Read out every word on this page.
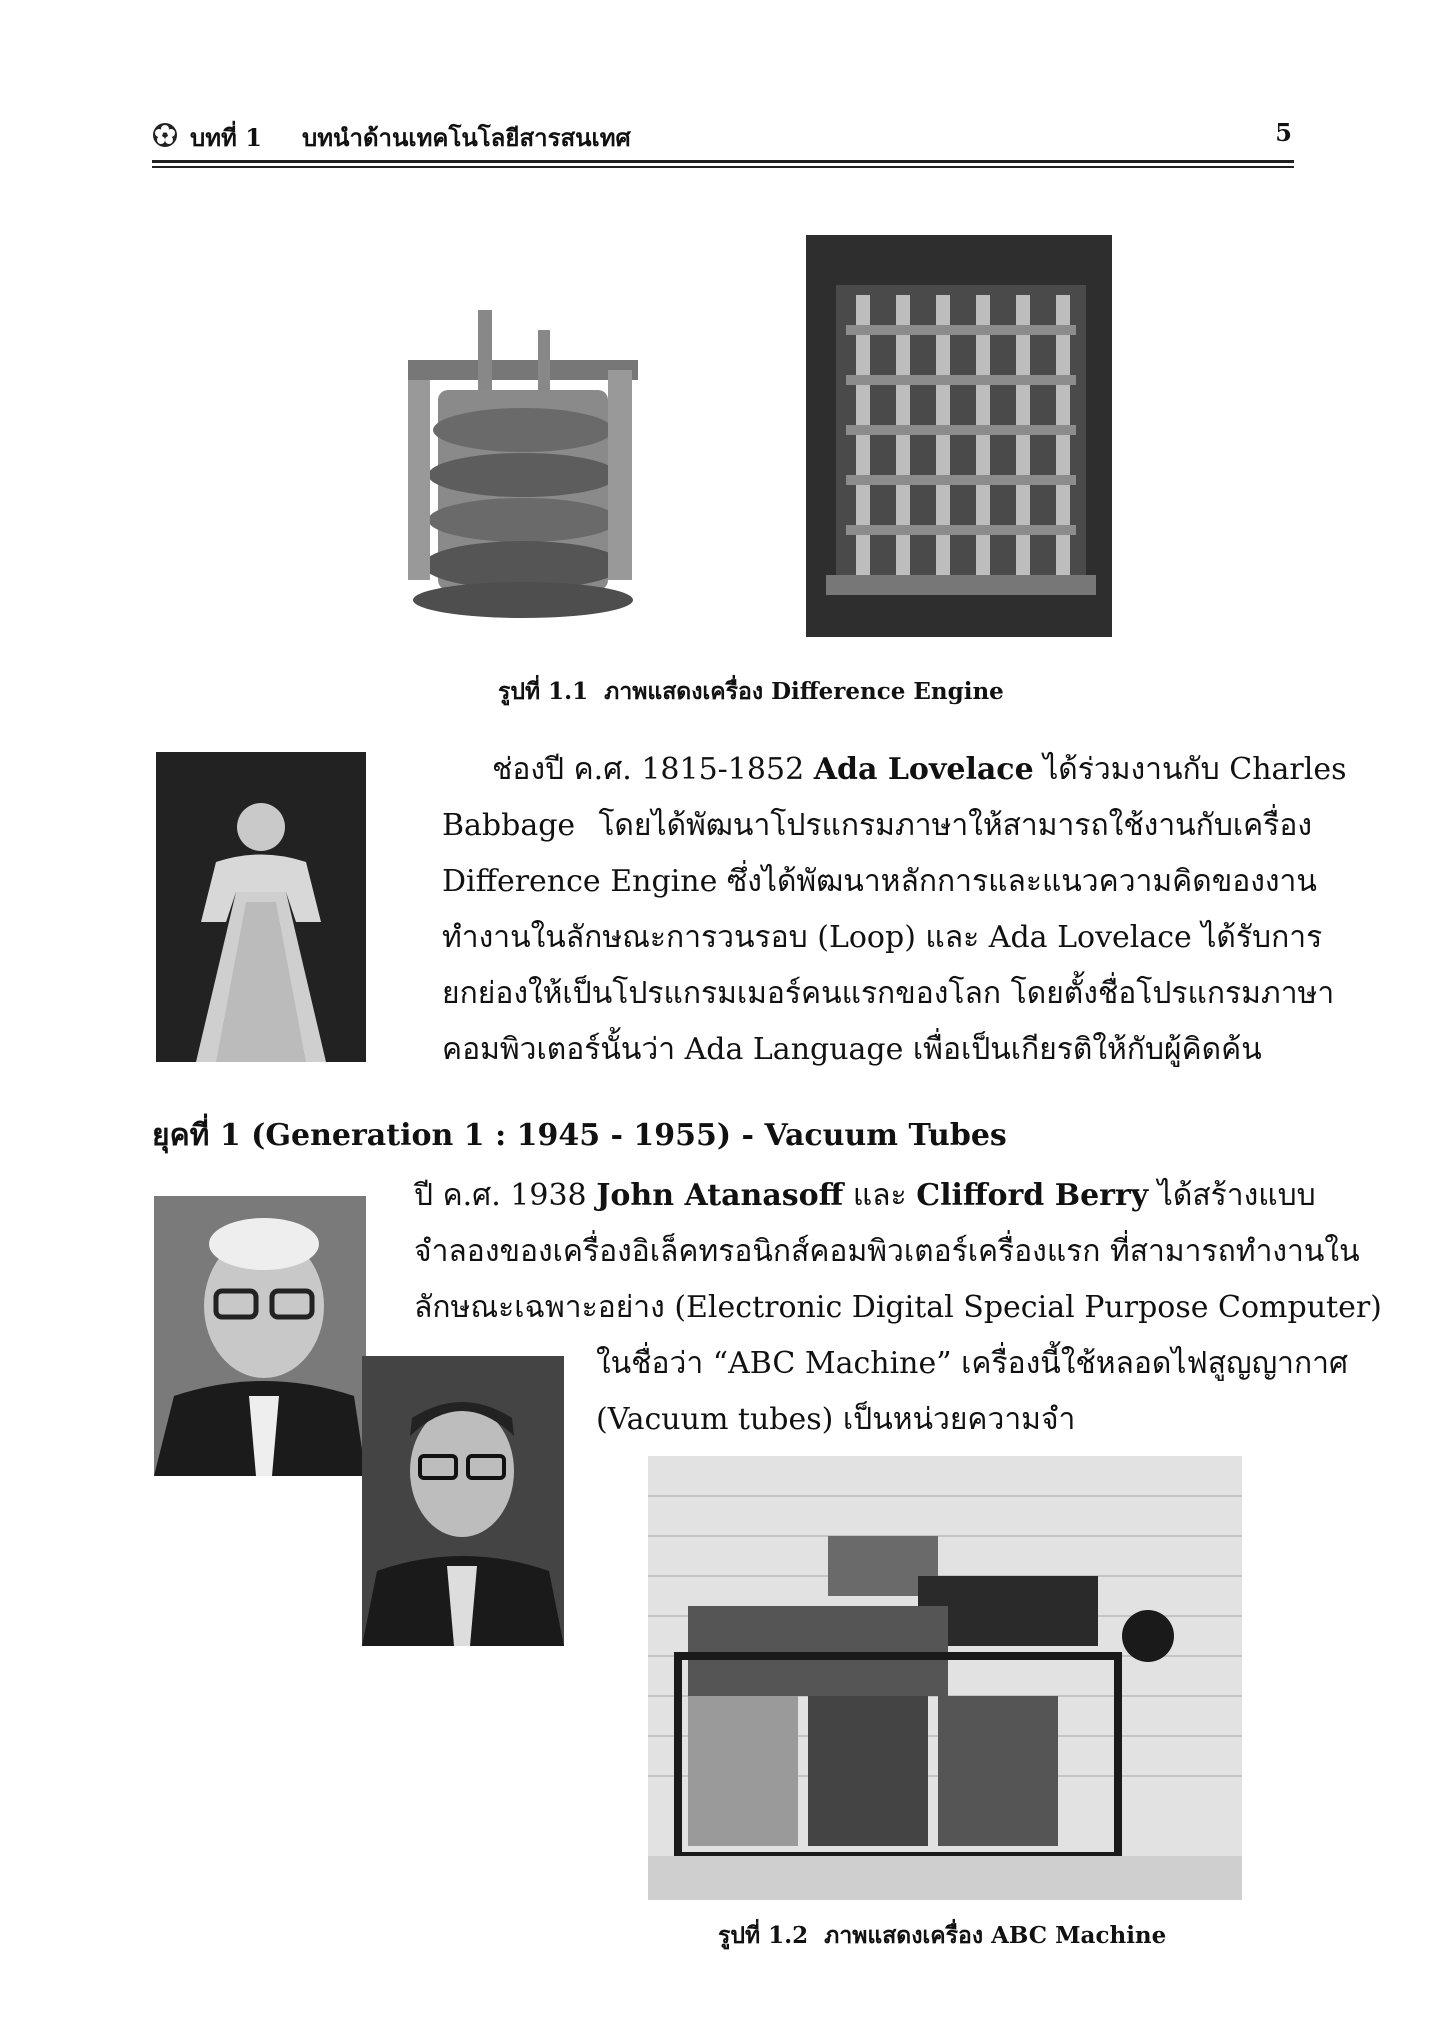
บทที่ 1 บทนำด้านเทคโนโลยีสารสนเทศ	5
รูปที่ 1.1 ภาพแสดงเครื่อง Difference Engine
ช่องปี ค.ศ. 1815-1852 Ada Lovelace ได้ร่วมงานกับ Charles
Babbage โดยได้พัฒนาโปรแกรมภาษาให้สามารถใช้งานกับเครื่อง
Difference Engine ซึ่งได้พัฒนาหลักการและแนวความคิดของงาน
ทำงานในลักษณะการวนรอบ (Loop) และ Ada Lovelace ได้รับการ
ยกย่องให้เป็นโปรแกรมเมอร์คนแรกของโลก โดยตั้งชื่อโปรแกรมภาษา
คอมพิวเตอร์นั้นว่า Ada Language เพื่อเป็นเกียรติให้กับผู้คิดค้น
ยุคที่ 1 (Generation 1 : 1945 - 1955) - Vacuum Tubes
ปี ค.ศ. 1938 John Atanasoff และ Clifford Berry ได้สร้างแบบ
จำลองของเครื่องอิเล็คทรอนิกส์คอมพิวเตอร์เครื่องแรก ที่สามารถทำงานใน
ลักษณะเฉพาะอย่าง (Electronic Digital Special Purpose Computer)
ในชื่อว่า “ABC Machine” เครื่องนี้ใช้หลอดไฟสูญญากาศ
(Vacuum tubes) เป็นหน่วยความจำ
รูปที่ 1.2 ภาพแสดงเครื่อง ABC Machine
